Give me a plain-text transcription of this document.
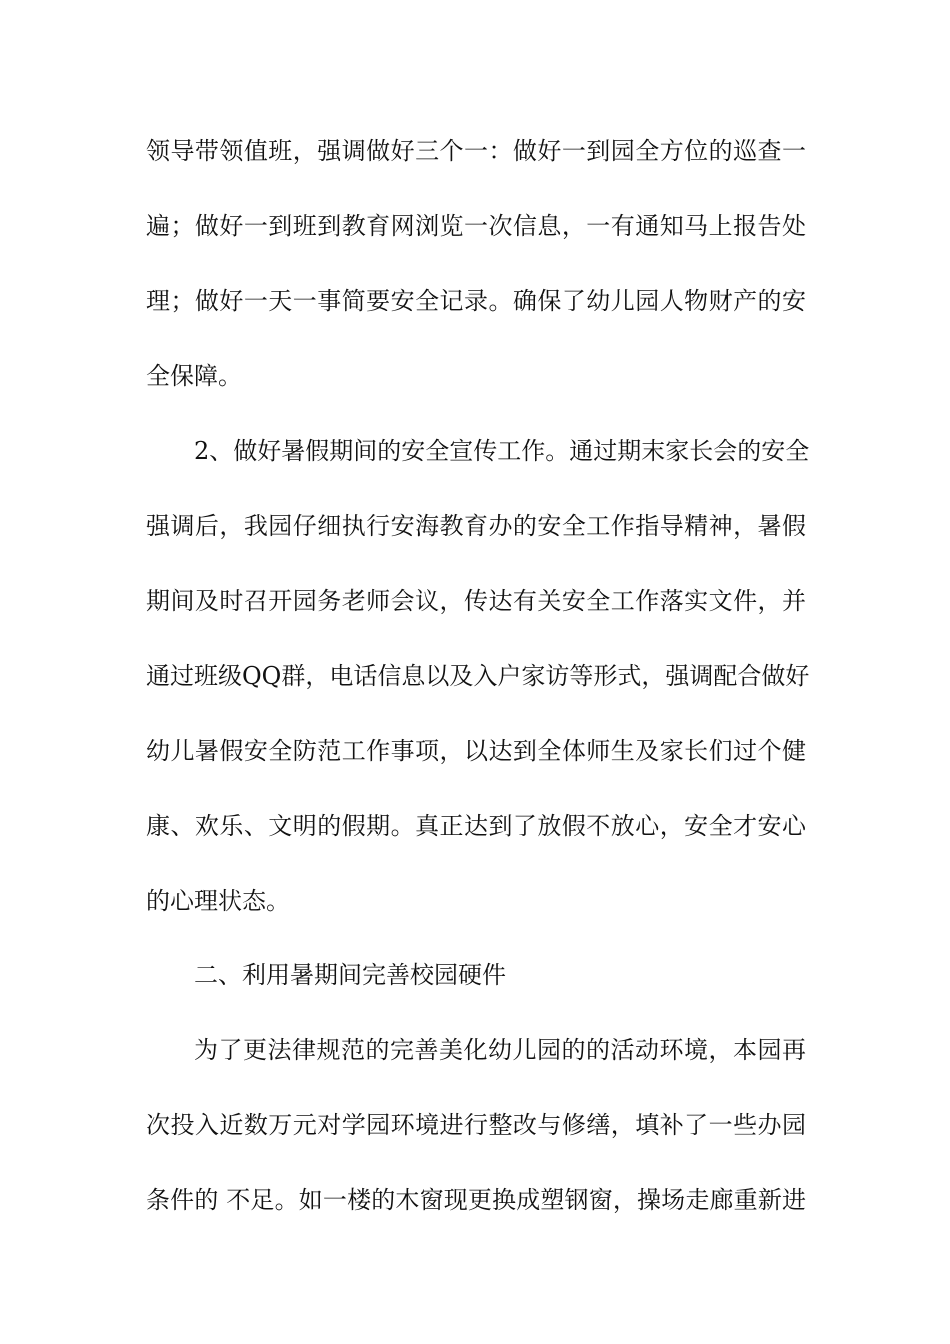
领导带领值班，强调做好三个一：做好一到园全方位的巡查一
遍；做好一到班到教育网浏览一次信息，一有通知马上报告处
理；做好一天一事简要安全记录。确保了幼儿园人物财产的安
全保障。
2、做好暑假期间的安全宣传工作。通过期末家长会的安全
强调后，我园仔细执行安海教育办的安全工作指导精神，暑假
期间及时召开园务老师会议，传达有关安全工作落实文件，并
通过班级QQ群，电话信息以及入户家访等形式，强调配合做好
幼儿暑假安全防范工作事项，以达到全体师生及家长们过个健
康、欢乐、文明的假期。真正达到了放假不放心，安全才安心
的心理状态。
二、利用暑期间完善校园硬件
为了更法律规范的完善美化幼儿园的的活动环境，本园再
次投入近数万元对学园环境进行整改与修缮，填补了一些办园
条件的 不足。如一楼的木窗现更换成塑钢窗，操场走廊重新进
